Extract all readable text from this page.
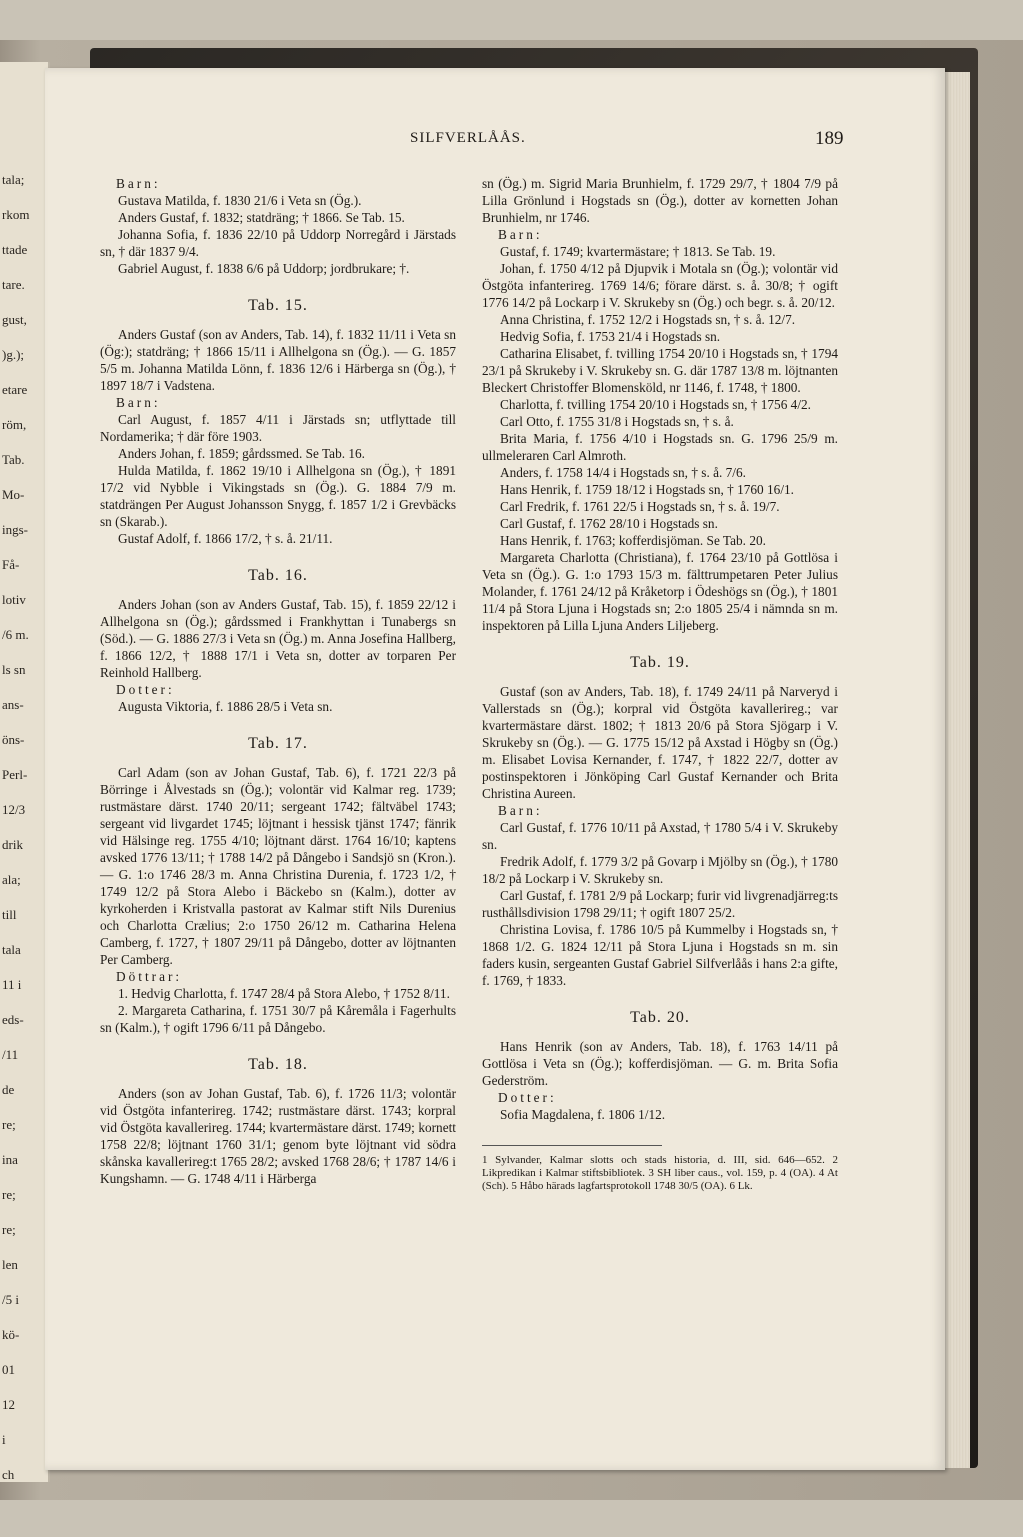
tala;
rkom
ttade
tare.
gust,
)g.);
etare
röm,
Tab.
Mo-
ings-
Få-
lotiv
/6 m.
ls sn
ans-
öns-
Perl-
12/3
drik
ala;
till
tala
11 i
eds-
/11
de
re;
ina
re;
re;
len
/5 i
kö-
01
12
i
ch
SILFVERLÅÅS.	189

Barn:

Gustava Matilda, f. 1830 21/6 i Veta sn (Ög.).

Anders Gustaf, f. 1832; statdräng; † 1866. Se Tab. 15.

Johanna Sofia, f. 1836 22/10 på Uddorp Norregård i Järstads sn, † där 1837 9/4.

Gabriel August, f. 1838 6/6 på Uddorp; jordbrukare; †.

Tab. 15.

Anders Gustaf (son av Anders, Tab. 14), f. 1832 11/11 i Veta sn (Ög:); statdräng; † 1866 15/11 i Allhelgona sn (Ög.). — G. 1857 5/5 m. Johanna Matilda Lönn, f. 1836 12/6 i Härberga sn (Ög.), † 1897 18/7 i Vadstena.

Barn:

Carl August, f. 1857 4/11 i Järstads sn; utflyttade till Nordamerika; † där före 1903.

Anders Johan, f. 1859; gårdssmed. Se Tab. 16.

Hulda Matilda, f. 1862 19/10 i Allhelgona sn (Ög.), † 1891 17/2 vid Nybble i Vikingstads sn (Ög.). G. 1884 7/9 m. statdrängen Per August Johansson Snygg, f. 1857 1/2 i Grevbäcks sn (Skarab.).

Gustaf Adolf, f. 1866 17/2, † s. å. 21/11.

Tab. 16.

Anders Johan (son av Anders Gustaf, Tab. 15), f. 1859 22/12 i Allhelgona sn (Ög.); gårdssmed i Frankhyttan i Tunabergs sn (Söd.). — G. 1886 27/3 i Veta sn (Ög.) m. Anna Josefina Hallberg, f. 1866 12/2, † 1888 17/1 i Veta sn, dotter av torparen Per Reinhold Hallberg.

Dotter:

Augusta Viktoria, f. 1886 28/5 i Veta sn.

Tab. 17.

Carl Adam (son av Johan Gustaf, Tab. 6), f. 1721 22/3 på Börringe i Ålvestads sn (Ög.); volontär vid Kalmar reg. 1739; rustmästare därst. 1740 20/11; sergeant 1742; fältväbel 1743; sergeant vid livgardet 1745; löjtnant i hessisk tjänst 1747; fänrik vid Hälsinge reg. 1755 4/10; löjtnant därst. 1764 16/10; kaptens avsked 1776 13/11; † 1788 14/2 på Dångebo i Sandsjö sn (Kron.). — G. 1:o 1746 28/3 m. Anna Christina Durenia, f. 1723 1/2, † 1749 12/2 på Stora Alebo i Bäckebo sn (Kalm.), dotter av kyrkoherden i Kristvalla pastorat av Kalmar stift Nils Durenius och Charlotta Crælius; 2:o 1750 26/12 m. Catharina Helena Camberg, f. 1727, † 1807 29/11 på Dångebo, dotter av löjtnanten Per Camberg.

Döttrar:

1. Hedvig Charlotta, f. 1747 28/4 på Stora Alebo, † 1752 8/11.

2. Margareta Catharina, f. 1751 30/7 på Kåremåla i Fagerhults sn (Kalm.), † ogift 1796 6/11 på Dångebo.

Tab. 18.

Anders (son av Johan Gustaf, Tab. 6), f. 1726 11/3; volontär vid Östgöta infanterireg. 1742; rustmästare därst. 1743; korpral vid Östgöta kavallerireg. 1744; kvartermästare därst. 1749; kornett 1758 22/8; löjtnant 1760 31/1; genom byte löjtnant vid södra skånska kavallerireg:t 1765 28/2; avsked 1768 28/6; † 1787 14/6 i Kungshamn. — G. 1748 4/11 i Härberga

sn (Ög.) m. Sigrid Maria Brunhielm, f. 1729 29/7, † 1804 7/9 på Lilla Grönlund i Hogstads sn (Ög.), dotter av kornetten Johan Brunhielm, nr 1746.

Barn:

Gustaf, f. 1749; kvartermästare; † 1813. Se Tab. 19.

Johan, f. 1750 4/12 på Djupvik i Motala sn (Ög.); volontär vid Östgöta infanterireg. 1769 14/6; förare därst. s. å. 30/8; † ogift 1776 14/2 på Lockarp i V. Skrukeby sn (Ög.) och begr. s. å. 20/12.

Anna Christina, f. 1752 12/2 i Hogstads sn, † s. å. 12/7.

Hedvig Sofia, f. 1753 21/4 i Hogstads sn.

Catharina Elisabet, f. tvilling 1754 20/10 i Hogstads sn, † 1794 23/1 på Skrukeby i V. Skrukeby sn. G. där 1787 13/8 m. löjtnanten Bleckert Christoffer Blomensköld, nr 1146, f. 1748, † 1800.

Charlotta, f. tvilling 1754 20/10 i Hogstads sn, † 1756 4/2.

Carl Otto, f. 1755 31/8 i Hogstads sn, † s. å.

Brita Maria, f. 1756 4/10 i Hogstads sn. G. 1796 25/9 m. ullmeleraren Carl Almroth.

Anders, f. 1758 14/4 i Hogstads sn, † s. å. 7/6.

Hans Henrik, f. 1759 18/12 i Hogstads sn, † 1760 16/1.

Carl Fredrik, f. 1761 22/5 i Hogstads sn, † s. å. 19/7.

Carl Gustaf, f. 1762 28/10 i Hogstads sn.

Hans Henrik, f. 1763; kofferdisjöman. Se Tab. 20.

Margareta Charlotta (Christiana), f. 1764 23/10 på Gottlösa i Veta sn (Ög.). G. 1:o 1793 15/3 m. fälttrumpetaren Peter Julius Molander, f. 1761 24/12 på Kråketorp i Ödeshögs sn (Ög.), † 1801 11/4 på Stora Ljuna i Hogstads sn; 2:o 1805 25/4 i nämnda sn m. inspektoren på Lilla Ljuna Anders Liljeberg.

Tab. 19.

Gustaf (son av Anders, Tab. 18), f. 1749 24/11 på Narveryd i Vallerstads sn (Ög.); korpral vid Östgöta kavallerireg.; var kvartermästare därst. 1802; † 1813 20/6 på Stora Sjögarp i V. Skrukeby sn (Ög.). — G. 1775 15/12 på Axstad i Högby sn (Ög.) m. Elisabet Lovisa Kernander, f. 1747, † 1822 22/7, dotter av postinspektoren i Jönköping Carl Gustaf Kernander och Brita Christina Aureen.

Barn:

Carl Gustaf, f. 1776 10/11 på Axstad, † 1780 5/4 i V. Skrukeby sn.

Fredrik Adolf, f. 1779 3/2 på Govarp i Mjölby sn (Ög.), † 1780 18/2 på Lockarp i V. Skrukeby sn.

Carl Gustaf, f. 1781 2/9 på Lockarp; furir vid livgrenadjärreg:ts rusthållsdivision 1798 29/11; † ogift 1807 25/2.

Christina Lovisa, f. 1786 10/5 på Kummelby i Hogstads sn, † 1868 1/2. G. 1824 12/11 på Stora Ljuna i Hogstads sn m. sin faders kusin, sergeanten Gustaf Gabriel Silfverlåås i hans 2:a gifte, f. 1769, † 1833.

Tab. 20.

Hans Henrik (son av Anders, Tab. 18), f. 1763 14/11 på Gottlösa i Veta sn (Ög.); kofferdisjöman. — G. m. Brita Sofia Gederström.

Dotter:

Sofia Magdalena, f. 1806 1/12.

1 Sylvander, Kalmar slotts och stads historia, d. III, sid. 646—652. 2 Likpredikan i Kalmar stiftsbibliotek. 3 SH liber caus., vol. 159, p. 4 (OA). 4 At (Sch). 5 Håbo härads lagfartsprotokoll 1748 30/5 (OA). 6 Lk.
